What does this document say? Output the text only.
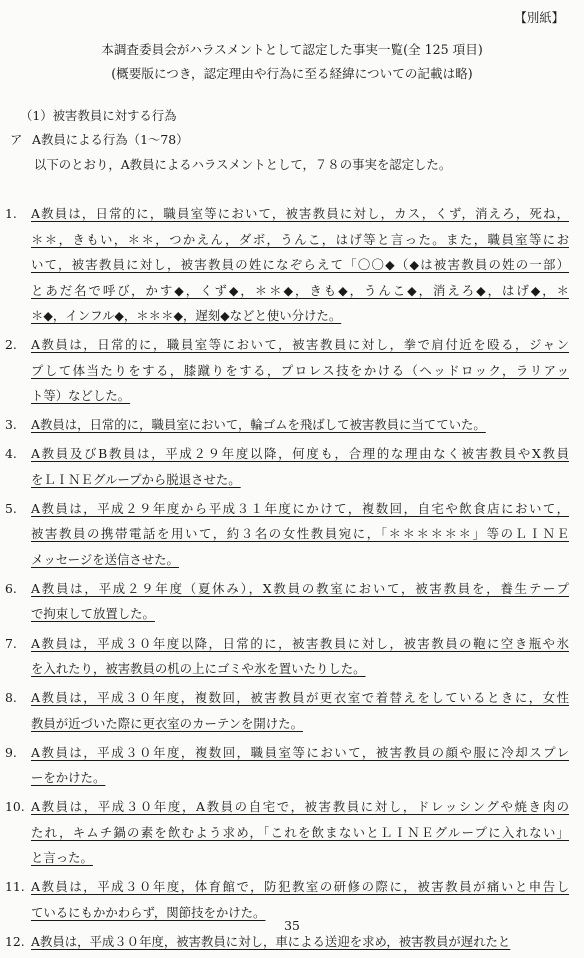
【別紙】
本調査委員会がハラスメントとして認定した事実一覧(全 125 項目)
(概要版につき，認定理由や行為に至る経緯についての記載は略)
（1）被害教員に対する行為
ア A教員による行為（1〜78）
以下のとおり，A教員によるハラスメントとして，７８の事実を認定した。
1.	A教員は，日常的に，職員室等において，被害教員に対し，カス，くず，消えろ，死ね，
＊＊，きもい，＊＊，つかえん，ダボ，うんこ，はげ等と言った。また，職員室等にお
いて，被害教員に対し，被害教員の姓になぞらえて「〇〇◆（◆は被害教員の姓の一部）
とあだ名で呼び，かす◆，くず◆，＊＊◆，きも◆，うんこ◆，消えろ◆，はげ◆，＊
＊◆，インフル◆，＊＊＊◆，遅刻◆などと使い分けた。
2.	A教員は，日常的に，職員室等において，被害教員に対し，拳で肩付近を殴る，ジャン
プして体当たりをする，膝蹴りをする，プロレス技をかける（ヘッドロック，ラリアッ
ト等）などした。
3.	A教員は，日常的に，職員室において，輪ゴムを飛ばして被害教員に当てていた。
4.	A教員及びB教員は，平成２９年度以降，何度も，合理的な理由なく被害教員やX教員
をＬＩＮＥグループから脱退させた。
5.	A教員は，平成２９年度から平成３１年度にかけて，複数回，自宅や飲食店において，
被害教員の携帯電話を用いて，約３名の女性教員宛に，「＊＊＊＊＊＊」等のＬＩＮＥ
メッセージを送信させた。
6.	A教員は，平成２９年度（夏休み），X教員の教室において，被害教員を，養生テープ
で拘束して放置した。
7.	A教員は，平成３０年度以降，日常的に，被害教員に対し，被害教員の鞄に空き瓶や氷
を入れたり，被害教員の机の上にゴミや氷を置いたりした。
8.	A教員は，平成３０年度，複数回，被害教員が更衣室で着替えをしているときに，女性
教員が近づいた際に更衣室のカーテンを開けた。
9.	A教員は，平成３０年度，複数回，職員室等において，被害教員の顔や服に冷却スプレ
ーをかけた。
10. A教員は，平成３０年度，A教員の自宅で，被害教員に対し，ドレッシングや焼き肉の
たれ，キムチ鍋の素を飲むよう求め，「これを飲まないとＬＩＮＥグループに入れない」
と言った。
11. A教員は，平成３０年度，体育館で，防犯教室の研修の際に，被害教員が痛いと申告し
ているにもかかわらず，関節技をかけた。
12. A教員は，平成３０年度，被害教員に対し，車による送迎を求め，被害教員が遅れたと
35
